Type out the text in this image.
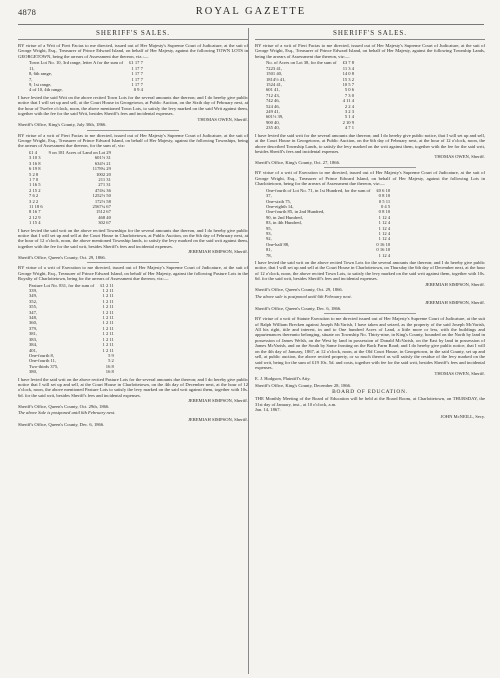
4878	ROYAL GAZETTE
SHERIFF'S SALES.

BY virtue of a Writ of Fieri Facias to me directed, issued out of Her Majesty's Supreme Court of Judicature, at the suit of George Wright, Esq., Treasurer of Prince Edward Island, on behalf of Her Majesty, against the following TOWN LOTS in GEORGETOWN, being the arrears of Assessment due thereon, viz.:—

Town Lot No. 10, 3rd range, letter A for the sum of	£1 17 7
11,	1 17 7
8, 6th range,	1 17 7
7,	1 17 7
9, 1st range,	1 17 7
4 of 10, 4th range,	0 9 4

I have levied the said Writ on the above recited Town Lots for the several amounts due thereon; and I do hereby give public notice that I will set up and sell, at the Court House in Georgetown, at Public Auction, on the Sixth day of February next, at the hour of Twelve o'clock, noon, the above mentioned Town Lots, to satisfy the levy marked on the said Writ against them, together with the fee for the said Writ, besides Sheriff's fees and incidental expenses.

THOMAS OWEN, Sheriff.

Sheriff's Office, King's County, July 30th, 1866.

BY virtue of a writ of Fieri Facias to me directed, issued out of Her Majesty's Supreme Court of Judicature, at the suit of George Wright, Esq., Treasurer of Prince Edward Island, on behalf of Her Majesty, against the following Townships, being the arrears of Assessment due thereon, for the sum of, viz:

£1 4	9 on 181 Acres of Land on Lot 29
3 10 3	601½ 31
3 16 8	634½ 21
6 19 8	1178¾ 29
5 2 8	1002 20
1 7 0	211 31
1 16 5	271 31
2 15 2	474¾ 36
7 6 2	1252½ 50
3 2 2	172½ 58
11 18 6	2567¼ 67
8 16 7	1512 67
2 12 9	468 40
1 15 4	302 67

I have levied the said writ on the above recited Townships for the several amounts due thereon, and I do hereby give public notice that I will set up and sell at the Court House in Charlottetown, at Public Auction, on the 6th day of February next, at the hour of 12 o'clock, noon, the above mentioned Township lands, to satisfy the levy marked on the said writ against them, together with the fee for the said writ, besides Sheriff's fees and incidental expenses.

JEREMIAH SIMPSON, Sheriff.

Sheriff's Office, Queen's County, Oct. 29, 1866.

BY virtue of a writ of Execution to me directed, issued out of Her Majesty's Supreme Court of Judicature, at the suit of George Wright, Esq., Treasurer of Prince Edward Island, on behalf of Her Majesty, against the following Pasture Lots in the Royalty of Charlottetown, being for the arrears of Assessment due thereon, viz:—

Pasture Lot No. 831, for the sum of	£1 2 11
339,	1 2 11
349,	1 2 11
352,	1 2 11
355,	1 2 11
347,	1 2 11
348,	1 2 11
360,	1 2 11
379,	1 2 11
381,	1 2 11
383,	1 2 11
384,	1 2 11
401,	1 2 11
One-fourth 8,	5 9
One-fourth 11,	5 2
Two-thirds 375,	16 8
380,	16 8

I have levied the said writ on the above recited Pasture Lots for the several amounts due thereon; and I do hereby give public notice that I will set up and sell, at the Court House in Charlottetown, on the 4th day of December next, at the hour of 12 o'clock, noon, the above mentioned Pasture Lots to satisfy the levy marked on the said writ against them, together with 10s. 6d. for the said writ, besides Sheriff's fees and incidental expenses.

JEREMIAH SIMPSON, Sheriff.

Sheriff's Office, Queen's County, Oct. 29th, 1866.

The above Sale is postponed until 6th February next.

JEREMIAH SIMPSON, Sheriff.

Sheriff's Office, Queen's County, Dec. 6, 1866.

SHERIFF'S SALES.

BY virtue of a writ of Fieri Facias to me directed, issued out of Her Majesty's Supreme Court of Judicature, at the suit of George Wright, Esq., Treasurer of Prince Edward Island, on behalf of Her Majesty, against the following Township Lands, being the arrears of Assessment due thereon, viz:—

No. of Acres on Lot 38, for the sum of	£3 7 8
7223 41,	11 3 4
1501 40,	14 0 8
1814½ 41,	15 3 2
1524 41,	10 5 7
601 41,	5 0 6
712 43,	7 3 0
742 46,	4 11 4
524 46,	2 2 4
249 41,	3 2 3
601½ 39,	5 1 4
900 40,	2 10 9
235 40,	4 7 1

I have levied the said writ for the several amounts due thereon; and I do hereby give public notice, that I will set up and sell, at the Court House in Georgetown, at Public Auction, on the 6th day of February next, at the hour of 12 o'clock, noon, the above described Township Lands, to satisfy the levy marked on the writ against them, together with the fee for the said writ, besides Sheriff's fees and incidental expenses.

THOMAS OWEN, Sheriff.

Sheriff's Office, King's County, Oct. 27, 1866.

BY virtue of a writ of Execution to me directed, issued out of Her Majesty's Supreme Court of Judicature, at the suit of George Wright, Esq., Treasurer of Prince Edward Island, on behalf of Her Majesty, against the following Lots in Charlottetown, being for the arrears of Assessment due thereon, viz:—

One-fourth of Lot No. 71, in 1st Hundred, for the sum of	£0 6 10
37,	0 8 10
One-sixth 75,	0 5 11
One-eighth 14,	0 4 5
One-fourth 85, in 2nd Hundred,	0 8 10
90, in 2nd Hundred,	1 12 4
83, in 4th Hundred,	1 12 4
95,	1 12 4
93,	1 12 4
92,	1 12 4
One-half 88,	0 16 10
81,	0 16 10
78,	1 12 4

I have levied the said writ on the above recited Town Lots for the several amounts due thereon; and I do hereby give public notice, that I will set up and sell at the Court House in Charlottetown, on Thursday the 6th day of December next, at the hour of 12 o'clock, noon, the above recited Town Lots, to satisfy the levy marked on the said writ against them, together with 10s. 6d. for the said writ, besides Sheriff's fees and incidental expenses.

JEREMIAH SIMPSON, Sheriff.

Sheriff's Office, Queen's County, Oct. 29, 1866.

The above sale is postponed until 6th February next.

JEREMIAH SIMPSON, Sheriff.

Sheriff's Office, Queen's County, Dec. 6, 1866.

BY virtue of a writ of Statute Execution to me directed issued out of Her Majesty's Supreme Court of Judicature, at the suit of Ralph William Brecken against Joseph McVarish, I have taken and seized, as the property of the said Joseph McVarish, All his right, title and interest, in and to One hundred Acres of Land, a little more or less, with the buildings and appurtenances thereunto belonging, situate on Township No. Thirty-nine, in King's County, bounded on the North by land in possession of James Welsh, on the West by land in possession of Donald McVarish, on the East by land in possession of James McVarish, and on the South by Same fronting on the Back Farm Road; and I do hereby give public notice, that I will on the 4th day of January, 1867, at 12 o'clock, noon, at the Old Court House, in Georgetown, in the said County, set up and sell, at public auction, the above recited property, or so much thereof as will satisfy the residue of the levy marked on the said writ, being for the sum of £19 10s. 5d. and costs, together with fee for the said writ, besides Sheriff's fees and incidental expenses.

THOMAS OWEN, Sheriff.

E. J. Hodgson, Plaintiff's Atty.

Sheriff's Office, King's County, December 28, 1866.

BOARD OF EDUCATION.

THE Monthly Meeting of the Board of Education will be held at the Board Room, at Charlottetown, on THURSDAY, the 31st day of January, inst., at 10 o'clock, a.m.

Jan. 14, 1867.

JOHN McNEILL, Secy.
